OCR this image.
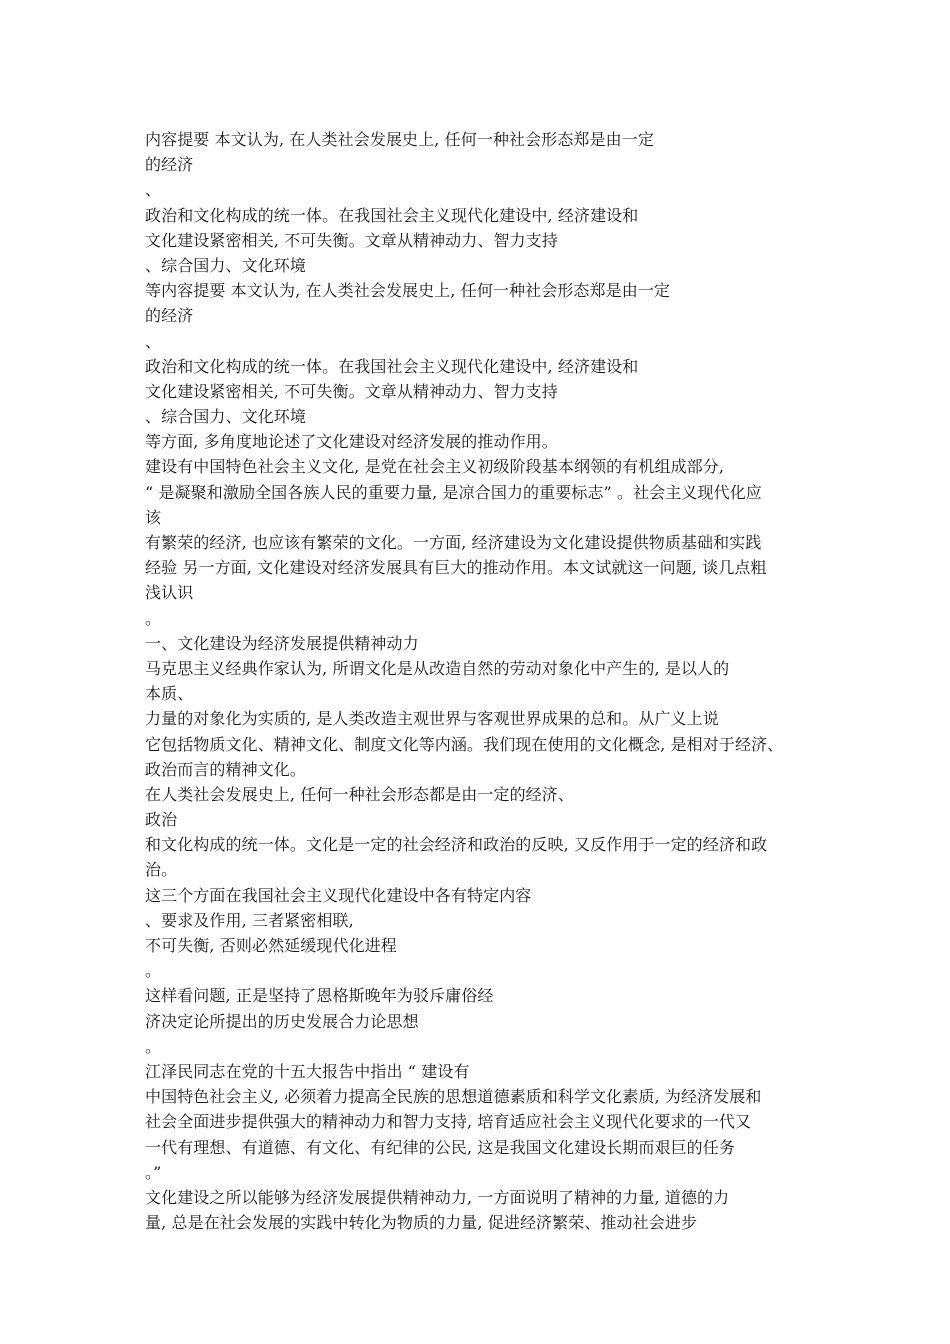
内容提要 本文认为, 在人类社会发展史上, 任何一种社会形态郑是由一定
的经济
、
政治和文化构成的统一体。在我国社会主义现代化建设中, 经济建设和
文化建设紧密相关, 不可失衡。文章从精神动力、智力支持
、综合国力、文化环境
等内容提要 本文认为, 在人类社会发展史上, 任何一种社会形态郑是由一定
的经济
、
政治和文化构成的统一体。在我国社会主义现代化建设中, 经济建设和
文化建设紧密相关, 不可失衡。文章从精神动力、智力支持
、综合国力、文化环境
等方面, 多角度地论述了文化建设对经济发展的推动作用。
建设有中国特色社会主义文化, 是党在社会主义初级阶段基本纲领的有机组成部分,
“ 是凝聚和激励全国各族人民的重要力量, 是凉合国力的重要标志” 。社会主义现代化应
该
有繁荣的经济, 也应该有繁荣的文化。一方面, 经济建设为文化建设提供物质基础和实践
经验 另一方面, 文化建设对经济发展具有巨大的推动作用。本文试就这一问题, 谈几点粗
浅认识
。
一、文化建设为经济发展提供精神动力
马克思主义经典作家认为, 所谓文化是从改造自然的劳动对象化中产生的, 是以人的
本质、
力量的对象化为实质的, 是人类改造主观世界与客观世界成果的总和。从广义上说
它包括物质文化、精神文化、制度文化等内涵。我们现在使用的文化概念, 是相对于经济、
政治而言的精神文化。
在人类社会发展史上, 任何一种社会形态都是由一定的经济、
政治
和文化构成的统一体。文化是一定的社会经济和政治的反映, 又反作用于一定的经济和政
治。
这三个方面在我国社会主义现代化建设中各有特定内容
、要求及作用, 三者紧密相联,
不可失衡, 否则必然延缓现代化进程
。
这样看问题, 正是坚持了恩格斯晚年为驳斥庸俗经
济决定论所提出的历史发展合力论思想
。
江泽民同志在党的十五大报告中指出 “ 建设有
中国特色社会主义, 必须着力提高全民族的思想道德素质和科学文化素质, 为经济发展和
社会全面进步提供强大的精神动力和智力支持, 培育适应社会主义现代化要求的一代又
一代有理想、有道德、有文化、有纪律的公民, 这是我国文化建设长期而艰巨的任务
。”
文化建设之所以能够为经济发展提供精神动力, 一方面说明了精神的力量, 道德的力
量, 总是在社会发展的实践中转化为物质的力量, 促进经济繁荣、推动社会进步
